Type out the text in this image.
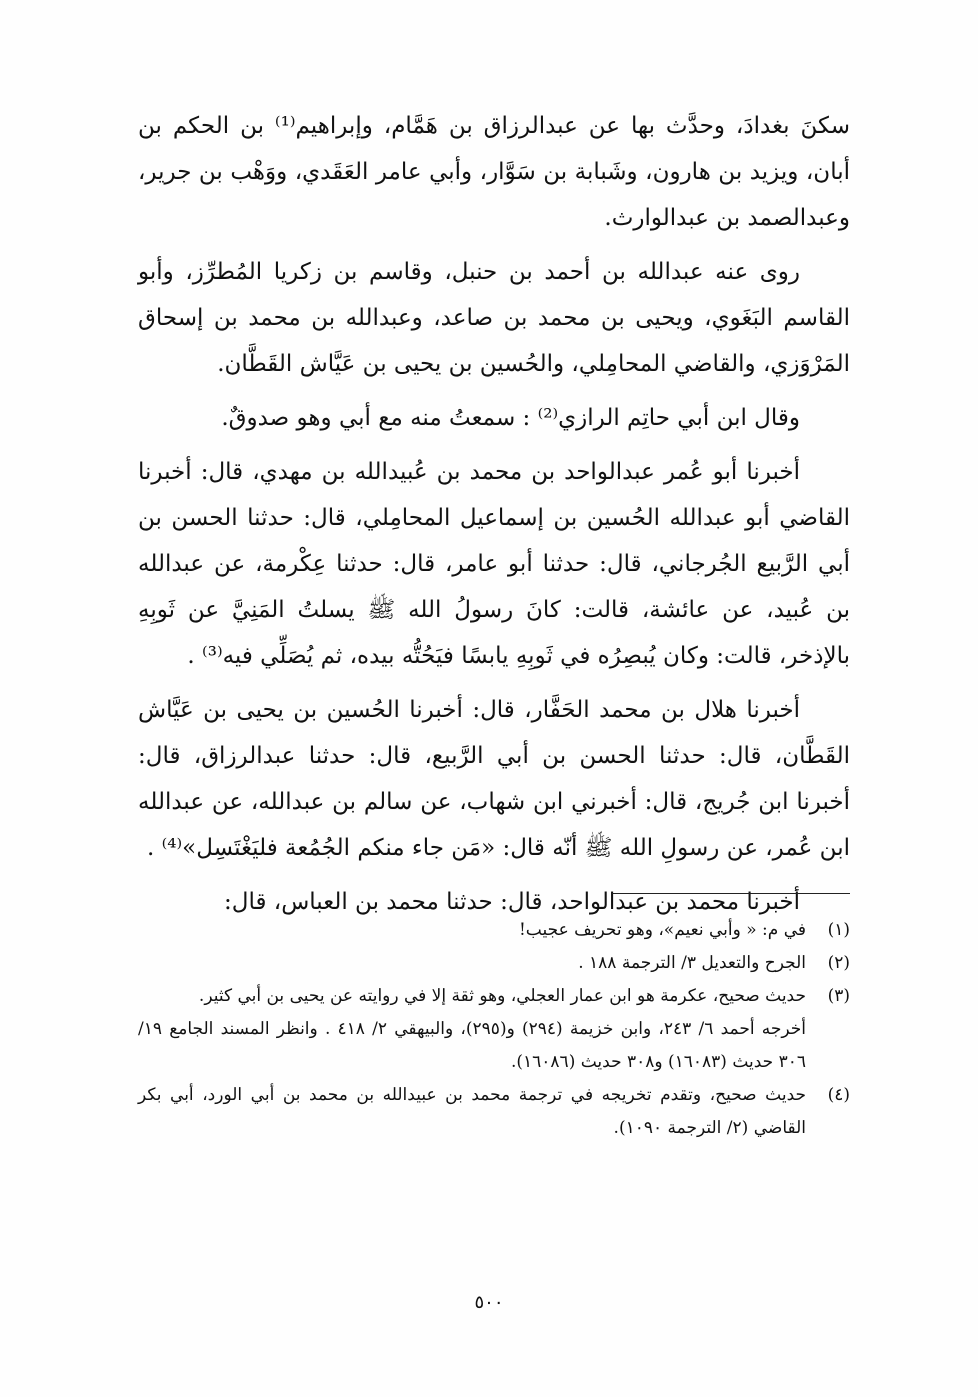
سكنَ بغدادَ، وحدَّث بها عن عبدالرزاق بن هَمَّام، وإبراهيم⁽¹⁾ بن الحكم بن أبان، ويزيد بن هارون، وشَبابة بن سَوَّار، وأبي عامر العَقَدي، ووَهْب بن جرير، وعبدالصمد بن عبدالوارث.

روى عنه عبدالله بن أحمد بن حنبل، وقاسم بن زكريا المُطرِّز، وأبو القاسم البَغَوي، ويحيى بن محمد بن صاعد، وعبدالله بن محمد بن إسحاق المَرْوَزي، والقاضي المحامِلي، والحُسين بن يحيى بن عَيَّاش القَطَّان.

وقال ابن أبي حاتِم الرازي⁽²⁾ : سمعتُ منه مع أبي وهو صدوقٌ.

أخبرنا أبو عُمر عبدالواحد بن محمد بن عُبيدالله بن مهدي، قال: أخبرنا القاضي أبو عبدالله الحُسين بن إسماعيل المحامِلي، قال: حدثنا الحسن بن أبي الرَّبيع الجُرجاني، قال: حدثنا أبو عامر، قال: حدثنا عِكْرمة، عن عبدالله بن عُبيد، عن عائشة، قالت: كانَ رسولُ الله ﷺ يسلتُ المَنِيَّ عن ثَوبِهِ بالإذخر، قالت: وكان يُبصِرُه في ثَوبِهِ يابسًا فيَحُتُّه بيده، ثم يُصَلِّي فيه⁽³⁾ .

أخبرنا هلال بن محمد الحَفَّار، قال: أخبرنا الحُسين بن يحيى بن عَيَّاش القَطَّان، قال: حدثنا الحسن بن أبي الرَّبيع، قال: حدثنا عبدالرزاق، قال: أخبرنا ابن جُريج، قال: أخبرني ابن شهاب، عن سالم بن عبدالله، عن عبدالله ابن عُمر، عن رسولِ الله ﷺ أنّه قال: «مَن جاء منكم الجُمُعة فليَغْتَسِل»⁽⁴⁾ .

أخبرنا محمد بن عبدالواحد، قال: حدثنا محمد بن العباس، قال:

(١)
في م: « وأبي نعيم»، وهو تحريف عجيب!
(٢)
الجرح والتعديل ٣/ الترجمة ١٨٨ .
(٣)
حديث صحيح، عكرمة هو ابن عمار العجلي، وهو ثقة إلا في روايته عن يحيى بن أبي كثير.
أخرجه أحمد ٦/ ٢٤٣، وابن خزيمة (٢٩٤) و(٢٩٥)، والبيهقي ٢/ ٤١٨ . وانظر المسند الجامع ١٩/ ٣٠٦ حديث (١٦٠٨٣) و٣٠٨ حديث (١٦٠٨٦).
(٤)
حديث صحيح، وتقدم تخريجه في ترجمة محمد بن عبيدالله بن محمد بن أبي الورد، أبي بكر القاضي (٢/ الترجمة ١٠٩٠).
٥٠٠
